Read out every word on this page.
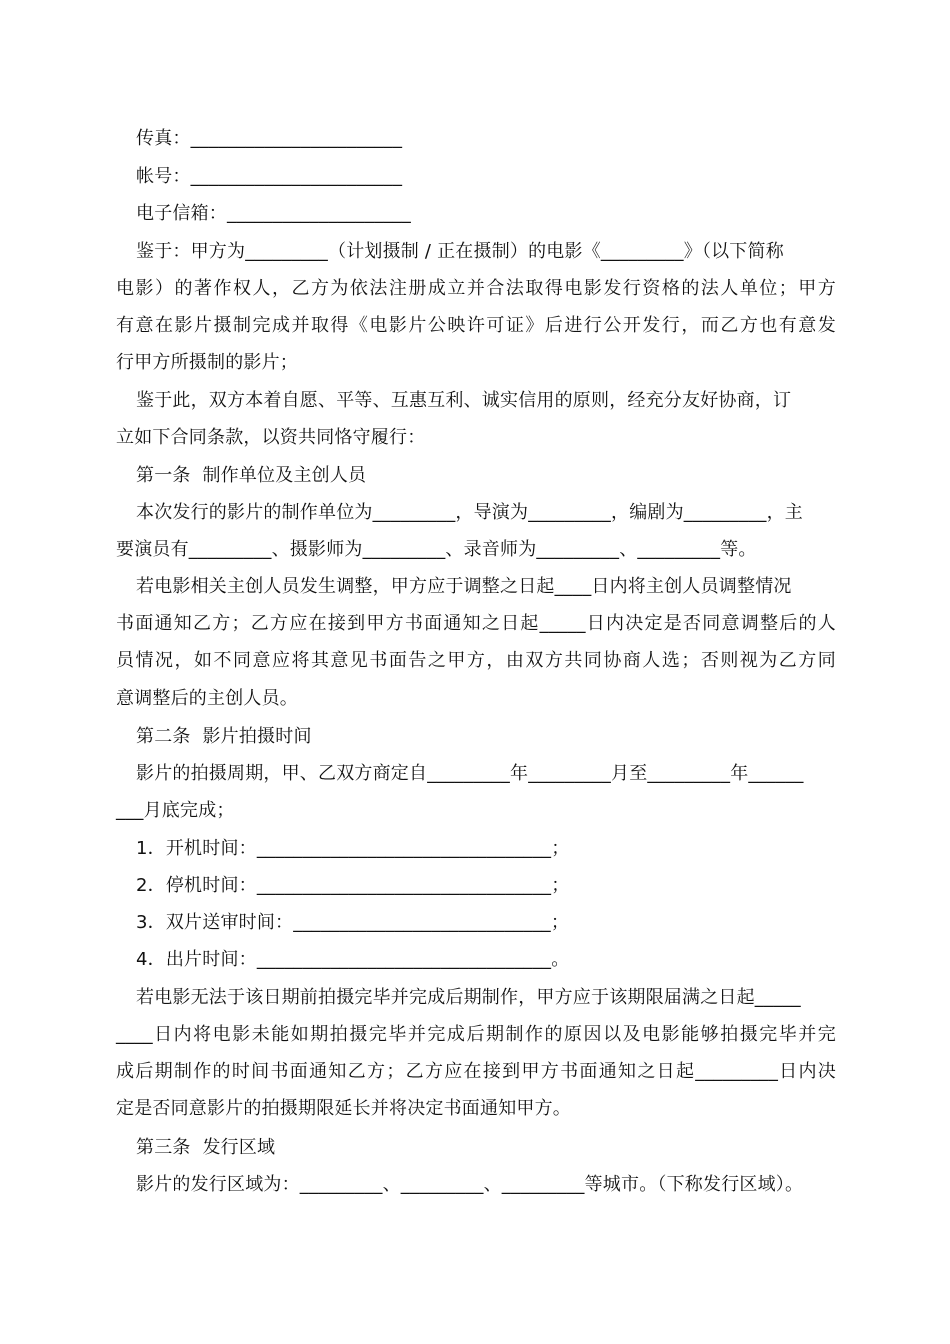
传真：_______________________
帐号：_______________________
电子信箱：____________________
鉴于：甲方为_________（计划摄制 / 正在摄制）的电影《_________》（以下简称
电影）的著作权人，乙方为依法注册成立并合法取得电影发行资格的法人单位；甲方
有意在影片摄制完成并取得《电影片公映许可证》后进行公开发行，而乙方也有意发
行甲方所摄制的影片；
鉴于此，双方本着自愿、平等、互惠互利、诚实信用的原则，经充分友好协商，订
立如下合同条款，以资共同恪守履行：
第一条  制作单位及主创人员
本次发行的影片的制作单位为_________，导演为_________，编剧为_________，主
要演员有_________、摄影师为_________、录音师为_________、_________等。
若电影相关主创人员发生调整，甲方应于调整之日起____日内将主创人员调整情况
书面通知乙方；乙方应在接到甲方书面通知之日起_____日内决定是否同意调整后的人
员情况，如不同意应将其意见书面告之甲方，由双方共同协商人选；否则视为乙方同
意调整后的主创人员。
第二条  影片拍摄时间
影片的拍摄周期，甲、乙双方商定自_________年_________月至_________年______
___月底完成；
1．开机时间：________________________________；
2．停机时间：________________________________；
3．双片送审时间：____________________________；
4．出片时间：________________________________。
若电影无法于该日期前拍摄完毕并完成后期制作，甲方应于该期限届满之日起_____
____日内将电影未能如期拍摄完毕并完成后期制作的原因以及电影能够拍摄完毕并完
成后期制作的时间书面通知乙方；乙方应在接到甲方书面通知之日起_________日内决
定是否同意影片的拍摄期限延长并将决定书面通知甲方。
第三条  发行区域
影片的发行区域为：_________、_________、_________等城市。（下称发行区域）。
